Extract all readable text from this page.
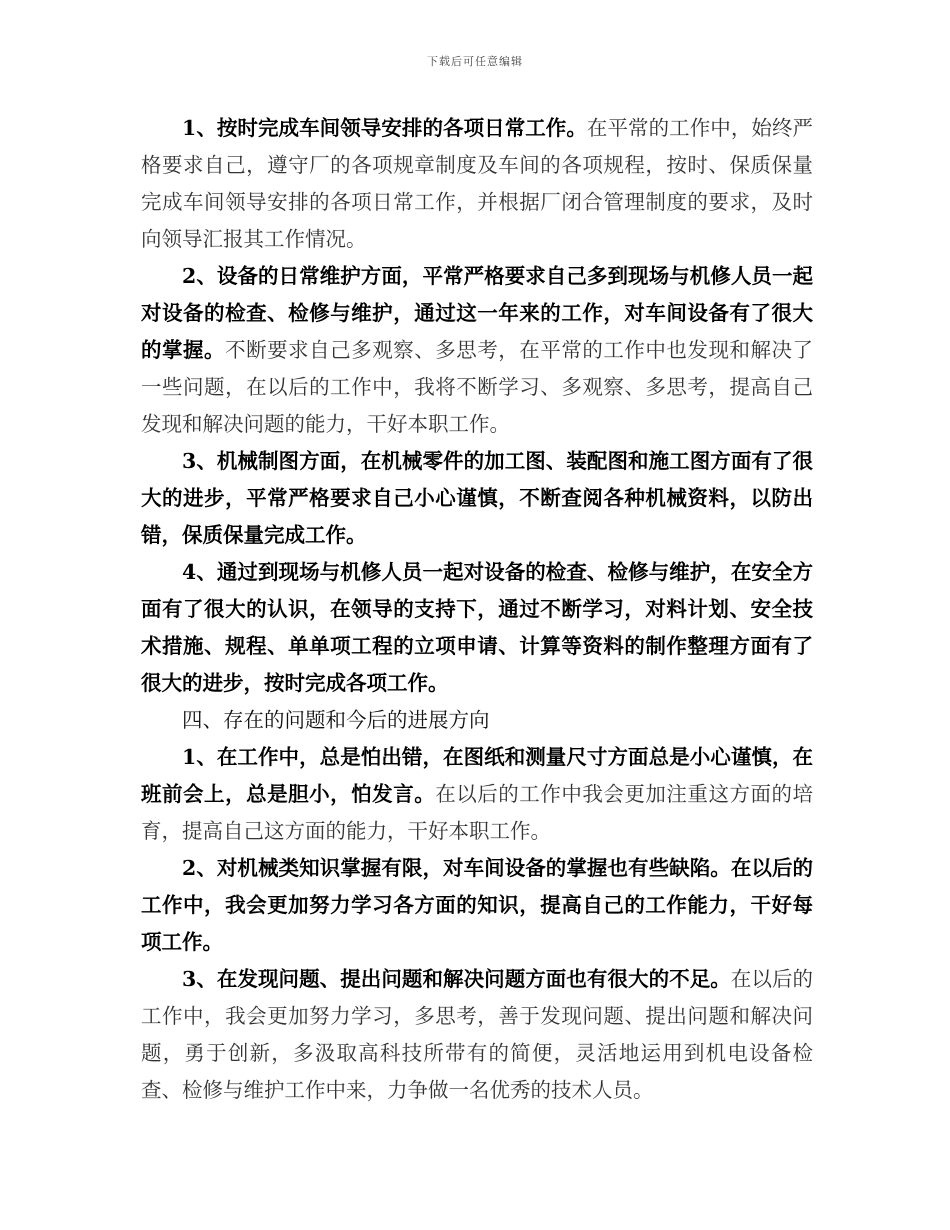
下载后可任意编辑

1、按时完成车间领导安排的各项日常工作。在平常的工作中，始终严格要求自己，遵守厂的各项规章制度及车间的各项规程，按时、保质保量完成车间领导安排的各项日常工作，并根据厂闭合管理制度的要求，及时向领导汇报其工作情况。

2、设备的日常维护方面，平常严格要求自己多到现场与机修人员一起对设备的检查、检修与维护，通过这一年来的工作，对车间设备有了很大的掌握。不断要求自己多观察、多思考，在平常的工作中也发现和解决了一些问题，在以后的工作中，我将不断学习、多观察、多思考，提高自己发现和解决问题的能力，干好本职工作。

3、机械制图方面，在机械零件的加工图、装配图和施工图方面有了很大的进步，平常严格要求自己小心谨慎，不断查阅各种机械资料，以防出错，保质保量完成工作。

4、通过到现场与机修人员一起对设备的检查、检修与维护，在安全方面有了很大的认识，在领导的支持下，通过不断学习，对料计划、安全技术措施、规程、单单项工程的立项申请、计算等资料的制作整理方面有了很大的进步，按时完成各项工作。

四、存在的问题和今后的进展方向

1、在工作中，总是怕出错，在图纸和测量尺寸方面总是小心谨慎，在班前会上，总是胆小，怕发言。在以后的工作中我会更加注重这方面的培育，提高自己这方面的能力，干好本职工作。

2、对机械类知识掌握有限，对车间设备的掌握也有些缺陷。在以后的工作中，我会更加努力学习各方面的知识，提高自己的工作能力，干好每项工作。

3、在发现问题、提出问题和解决问题方面也有很大的不足。在以后的工作中，我会更加努力学习，多思考，善于发现问题、提出问题和解决问题，勇于创新，多汲取高科技所带有的简便，灵活地运用到机电设备检查、检修与维护工作中来，力争做一名优秀的技术人员。
